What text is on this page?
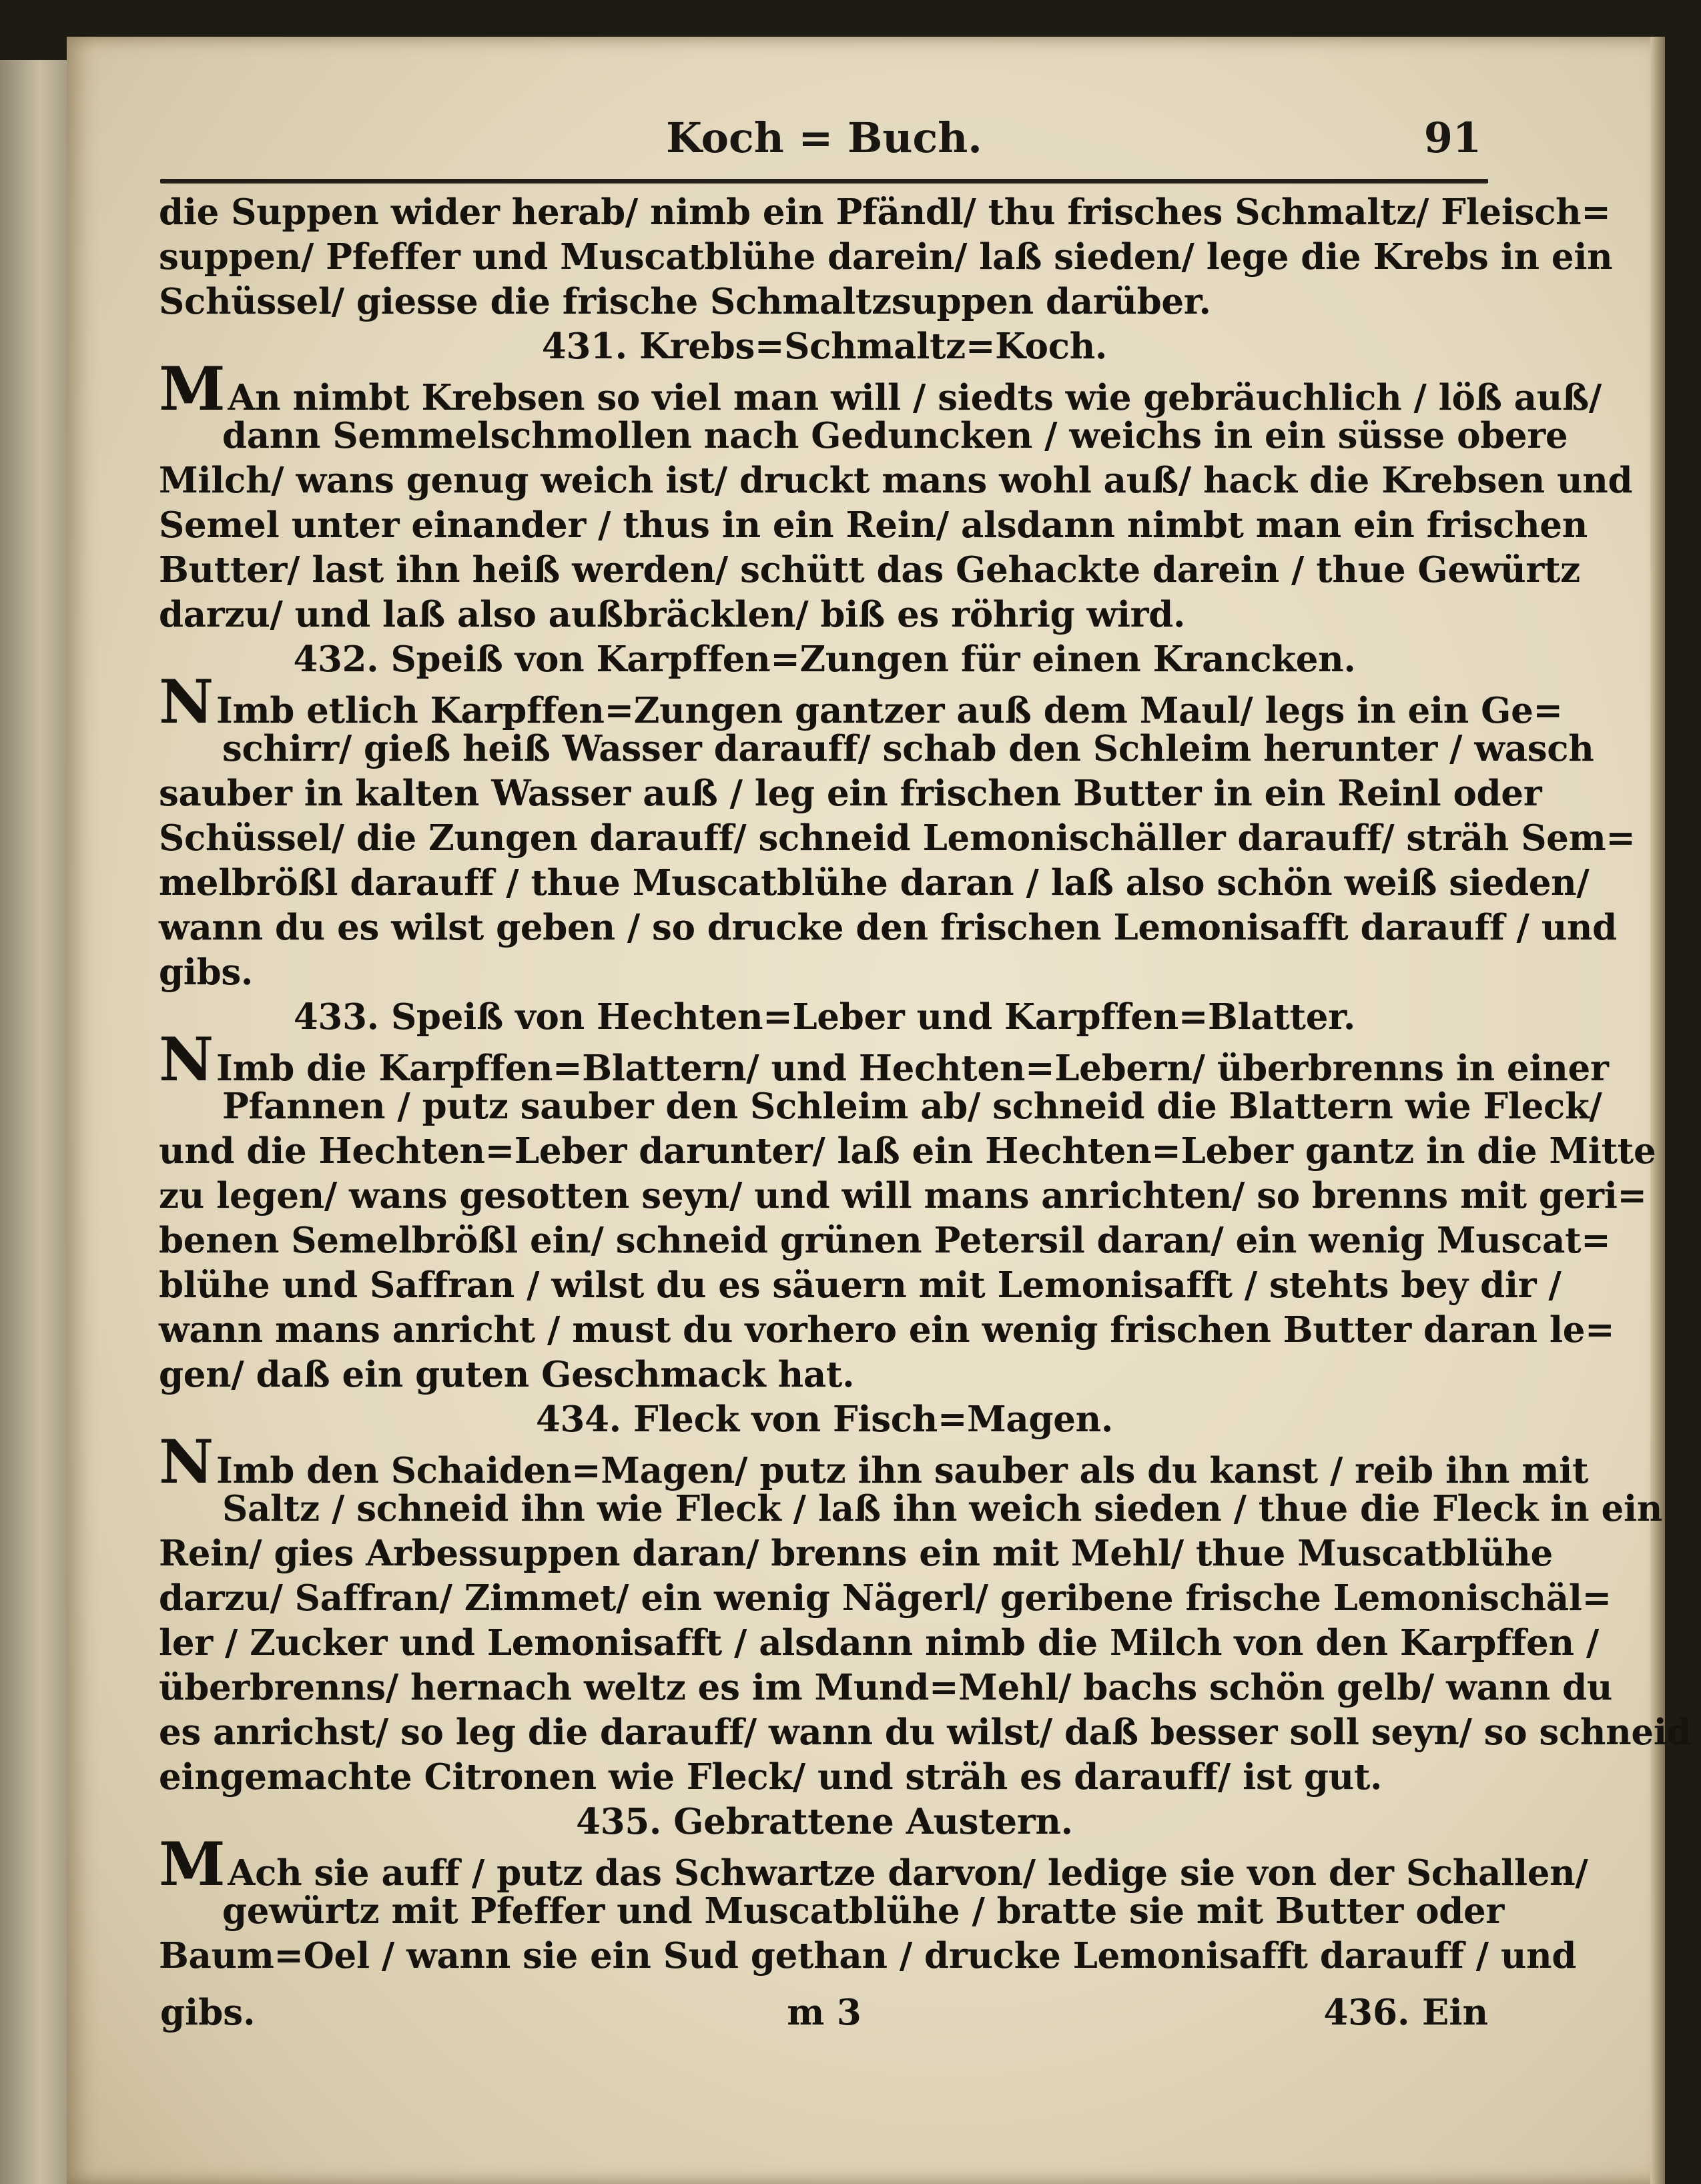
Koch = Buch.	91
die Suppen wider herab/ nimb ein Pfändl/ thu frisches Schmaltz/ Fleisch=
suppen/ Pfeffer und Muscatblühe darein/ laß sieden/ lege die Krebs in ein
Schüssel/ giesse die frische Schmaltzsuppen darüber.
431. Krebs=Schmaltz=Koch.
MAn nimbt Krebsen so viel man will / siedts wie gebräuchlich / löß auß/
dann Semmelschmollen nach Geduncken / weichs in ein süsse obere
Milch/ wans genug weich ist/ druckt mans wohl auß/ hack die Krebsen und
Semel unter einander / thus in ein Rein/ alsdann nimbt man ein frischen
Butter/ last ihn heiß werden/ schütt das Gehackte darein / thue Gewürtz
darzu/ und laß also außbräcklen/ biß es röhrig wird.
432. Speiß von Karpffen=Zungen für einen Krancken.
NImb etlich Karpffen=Zungen gantzer auß dem Maul/ legs in ein Ge=
schirr/ gieß heiß Wasser darauff/ schab den Schleim herunter / wasch
sauber in kalten Wasser auß / leg ein frischen Butter in ein Reinl oder
Schüssel/ die Zungen darauff/ schneid Lemonischäller darauff/ sträh Sem=
melbrößl darauff / thue Muscatblühe daran / laß also schön weiß sieden/
wann du es wilst geben / so drucke den frischen Lemonisafft darauff / und
gibs.
433. Speiß von Hechten=Leber und Karpffen=Blatter.
NImb die Karpffen=Blattern/ und Hechten=Lebern/ überbrenns in einer
Pfannen / putz sauber den Schleim ab/ schneid die Blattern wie Fleck/
und die Hechten=Leber darunter/ laß ein Hechten=Leber gantz in die Mitte
zu legen/ wans gesotten seyn/ und will mans anrichten/ so brenns mit geri=
benen Semelbrößl ein/ schneid grünen Petersil daran/ ein wenig Muscat=
blühe und Saffran / wilst du es säuern mit Lemonisafft / stehts bey dir /
wann mans anricht / must du vorhero ein wenig frischen Butter daran le=
gen/ daß ein guten Geschmack hat.
434. Fleck von Fisch=Magen.
NImb den Schaiden=Magen/ putz ihn sauber als du kanst / reib ihn mit
Saltz / schneid ihn wie Fleck / laß ihn weich sieden / thue die Fleck in ein
Rein/ gies Arbessuppen daran/ brenns ein mit Mehl/ thue Muscatblühe
darzu/ Saffran/ Zimmet/ ein wenig Nägerl/ geribene frische Lemonischäl=
ler / Zucker und Lemonisafft / alsdann nimb die Milch von den Karpffen /
überbrenns/ hernach weltz es im Mund=Mehl/ bachs schön gelb/ wann du
es anrichst/ so leg die darauff/ wann du wilst/ daß besser soll seyn/ so schneid
eingemachte Citronen wie Fleck/ und sträh es darauff/ ist gut.
435. Gebrattene Austern.
MAch sie auff / putz das Schwartze darvon/ ledige sie von der Schallen/
gewürtz mit Pfeffer und Muscatblühe / bratte sie mit Butter oder
Baum=Oel / wann sie ein Sud gethan / drucke Lemonisafft darauff / und
gibs.	m 3	436. Ein
